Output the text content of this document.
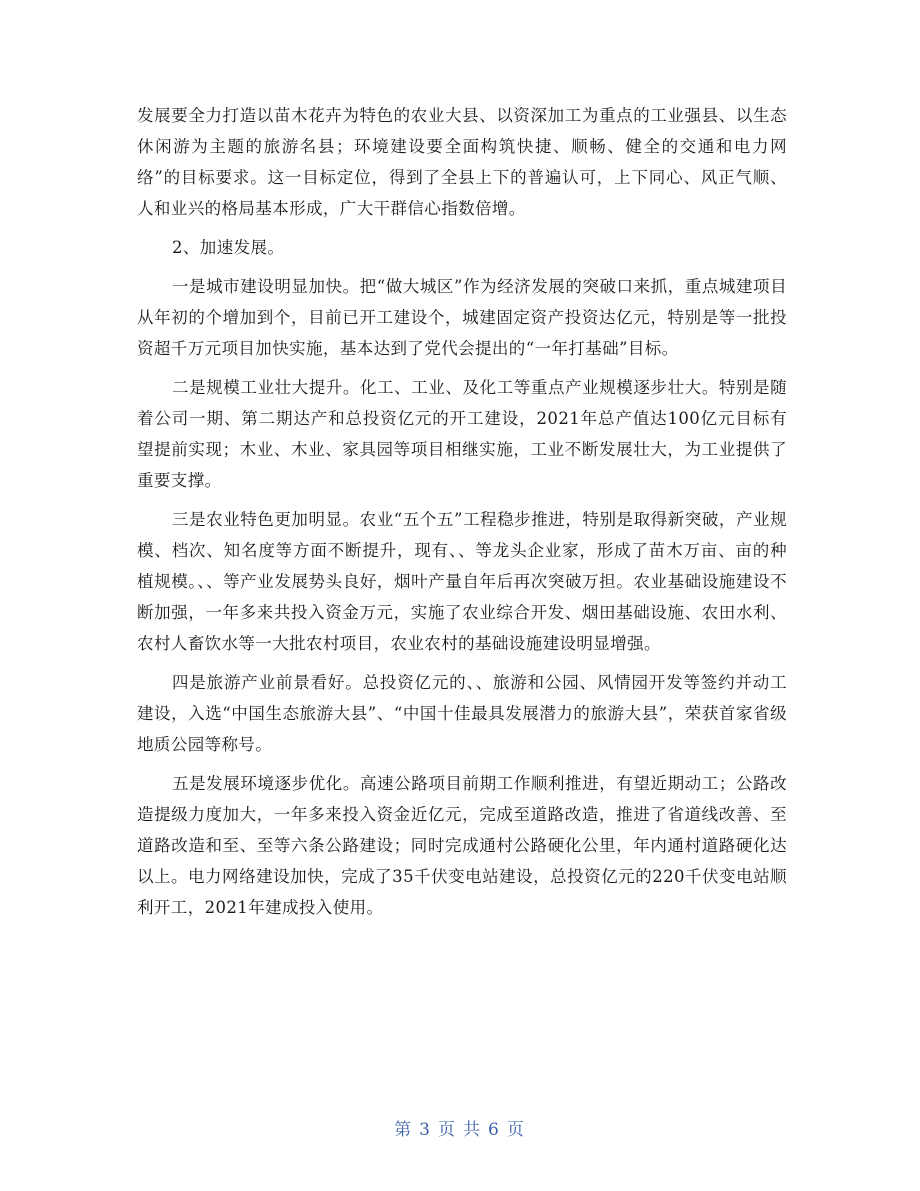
发展要全力打造以苗木花卉为特色的农业大县、以资深加工为重点的工业强县、以生态休闲游为主题的旅游名县；环境建设要全面构筑快捷、顺畅、健全的交通和电力网络”的目标要求。这一目标定位，得到了全县上下的普遍认可，上下同心、风正气顺、人和业兴的格局基本形成，广大干群信心指数倍增。

2、加速发展。

一是城市建设明显加快。把“做大城区”作为经济发展的突破口来抓，重点城建项目从年初的个增加到个，目前已开工建设个，城建固定资产投资达亿元，特别是等一批投资超千万元项目加快实施，基本达到了党代会提出的“一年打基础”目标。

二是规模工业壮大提升。化工、工业、及化工等重点产业规模逐步壮大。特别是随着公司一期、第二期达产和总投资亿元的开工建设，2021年总产值达100亿元目标有望提前实现；木业、木业、家具园等项目相继实施，工业不断发展壮大，为工业提供了重要支撑。

三是农业特色更加明显。农业“五个五”工程稳步推进，特别是取得新突破，产业规模、档次、知名度等方面不断提升，现有、、等龙头企业家，形成了苗木万亩、亩的种植规模。、、等产业发展势头良好，烟叶产量自年后再次突破万担。农业基础设施建设不断加强，一年多来共投入资金万元，实施了农业综合开发、烟田基础设施、农田水利、农村人畜饮水等一大批农村项目，农业农村的基础设施建设明显增强。

四是旅游产业前景看好。总投资亿元的、、旅游和公园、风情园开发等签约并动工建设，入选“中国生态旅游大县”、“中国十佳最具发展潜力的旅游大县”，荣获首家省级地质公园等称号。

五是发展环境逐步优化。高速公路项目前期工作顺利推进，有望近期动工；公路改造提级力度加大，一年多来投入资金近亿元，完成至道路改造，推进了省道线改善、至道路改造和至、至等六条公路建设；同时完成通村公路硬化公里，年内通村道路硬化达以上。电力网络建设加快，完成了35千伏变电站建设，总投资亿元的220千伏变电站顺利开工，2021年建成投入使用。

第 3 页 共 6 页
